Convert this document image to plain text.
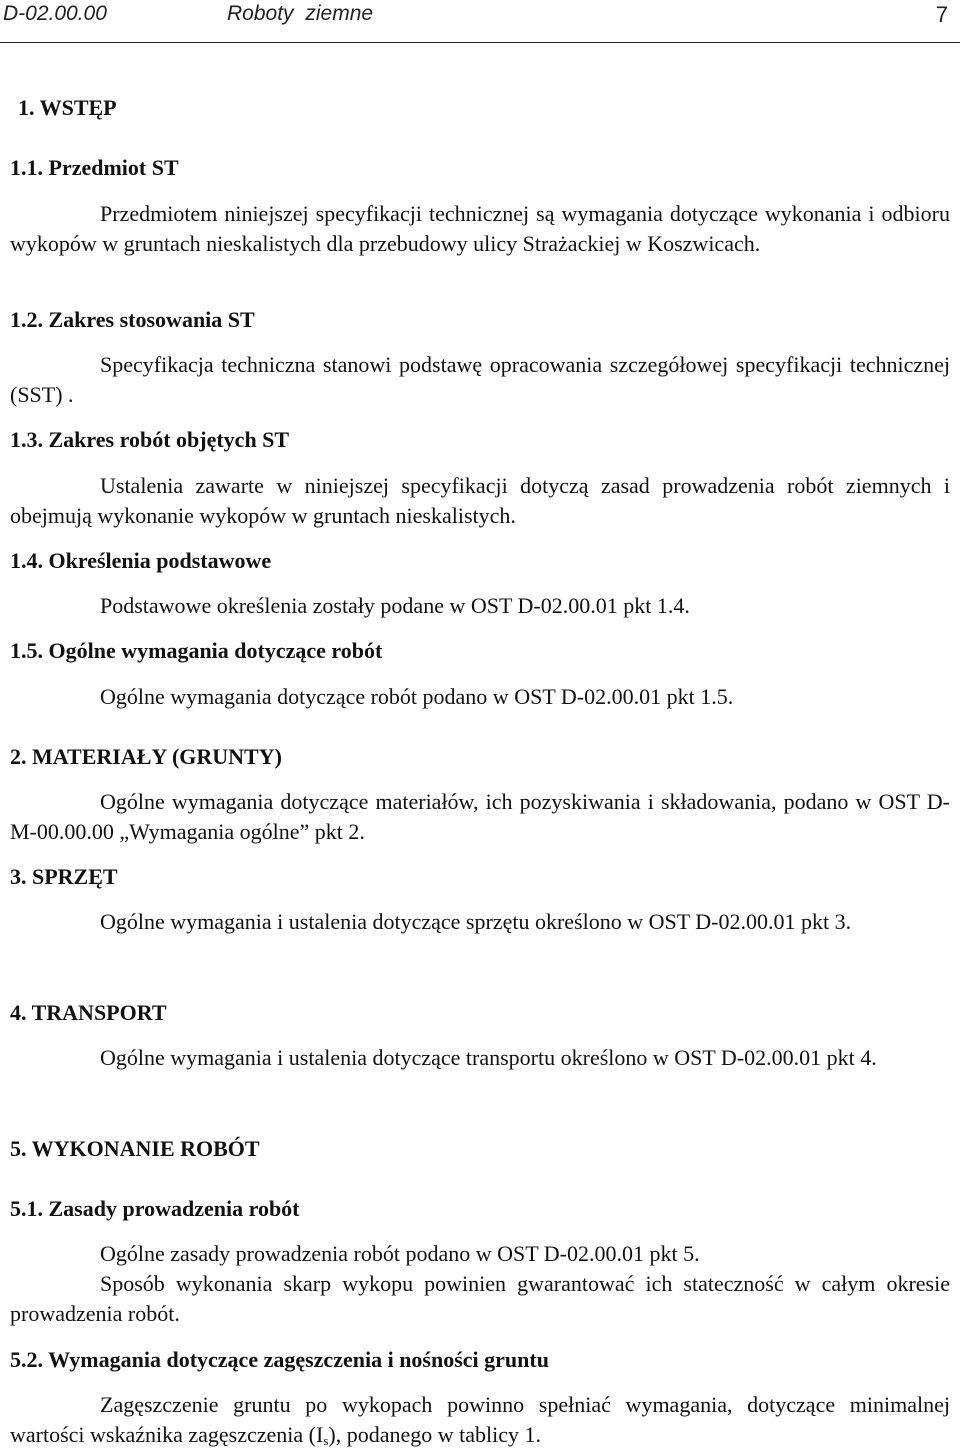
D-02.00.00	Roboty ziemne	7

1. WSTĘP

1.1. Przedmiot ST

Przedmiotem niniejszej specyfikacji technicznej są wymagania dotyczące wykonania i odbioru wykopów w gruntach nieskalistych dla przebudowy ulicy Strażackiej w Koszwicach.

1.2. Zakres stosowania ST

Specyfikacja techniczna stanowi podstawę opracowania szczegółowej specyfikacji technicznej (SST) .

1.3. Zakres robót objętych ST

Ustalenia zawarte w niniejszej specyfikacji dotyczą zasad prowadzenia robót ziemnych i obejmują wykonanie wykopów w gruntach nieskalistych.

1.4. Określenia podstawowe

Podstawowe określenia zostały podane w OST D-02.00.01 pkt 1.4.

1.5. Ogólne wymagania dotyczące robót

Ogólne wymagania dotyczące robót podano w OST D-02.00.01 pkt 1.5.

2. MATERIAŁY (GRUNTY)

Ogólne wymagania dotyczące materiałów, ich pozyskiwania i składowania, podano w OST D-M-00.00.00 „Wymagania ogólne” pkt 2.

3. SPRZĘT

Ogólne wymagania i ustalenia dotyczące sprzętu określono w OST D-02.00.01 pkt 3.

4. TRANSPORT

Ogólne wymagania i ustalenia dotyczące transportu określono w OST D-02.00.01 pkt 4.

5. WYKONANIE ROBÓT

5.1. Zasady prowadzenia robót

Ogólne zasady prowadzenia robót podano w OST D-02.00.01 pkt 5.

Sposób wykonania skarp wykopu powinien gwarantować ich stateczność w całym okresie prowadzenia robót.

5.2. Wymagania dotyczące zagęszczenia i nośności gruntu

Zagęszczenie gruntu po wykopach powinno spełniać wymagania, dotyczące minimalnej wartości wskaźnika zagęszczenia $(I_s)$, podanego w tablicy 1.
